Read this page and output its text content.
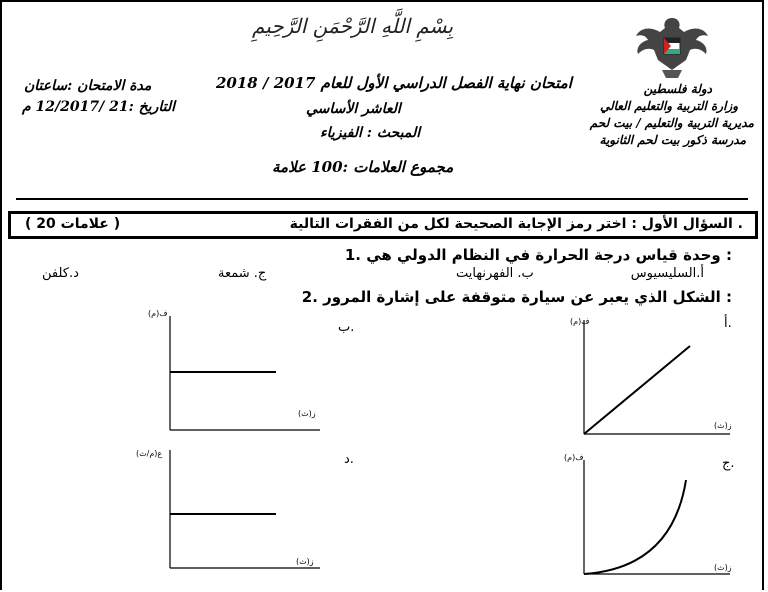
بِسْمِ اللَّهِ الرَّحْمَنِ الرَّحِيمِ
دولة فلسطين
وزارة التربية والتعليم العالي
مديرية التربية والتعليم / بيت لحم
مدرسة ذكور بيت لحم الثانوية
امتحان نهاية الفصل الدراسي الأول للعام 2017 / 2018
العاشر الأساسي
المبحث : الفيزياء
مجموع العلامات :100 علامة
مدة الامتحان :ساعتان
التاريخ :21 /12/2017 م
السؤال الأول : اختر رمز الإجابة الصحيحة لكل من الفقرات التالية .
( 20 علامات )
1. وحدة قياس درجة الحرارة في النظام الدولي هي :
أ.السليسيوس
ب. الفهرنهايت
ج. شمعة
د.كلفن
2. الشكل الذي يعبر عن سيارة متوقفة على إشارة المرور :
أ.
ب.
ج.
د.
ف(م)
ز(ث)
ف(م)
ز(ث)
ف(م)
ز(ث)
ع(م/ث)
ز(ث)
